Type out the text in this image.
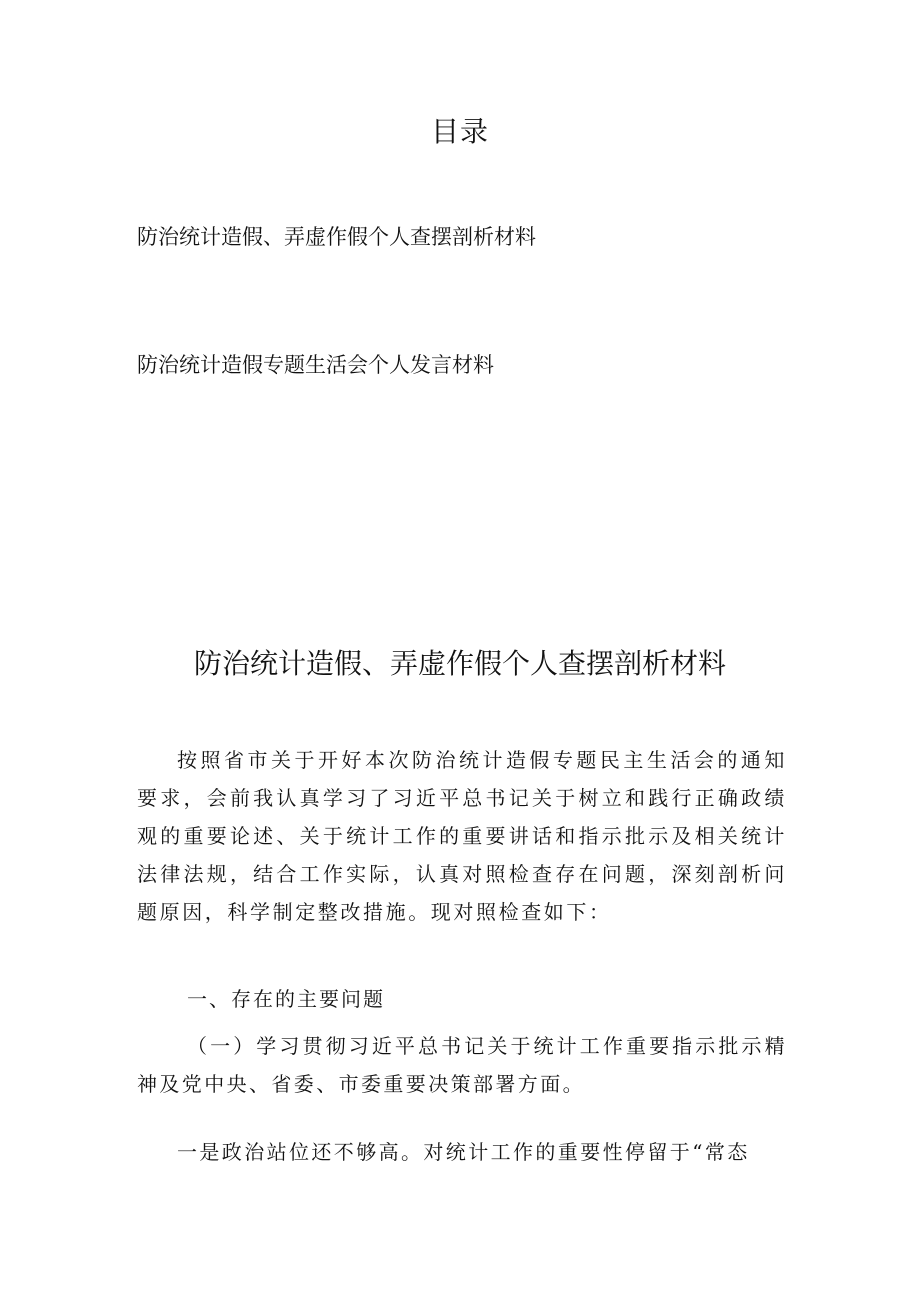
目录
防治统计造假、弄虚作假个人查摆剖析材料
防治统计造假专题生活会个人发言材料
防治统计造假、弄虚作假个人查摆剖析材料
按照省市关于开好本次防治统计造假专题民主生活会的通知要求，会前我认真学习了习近平总书记关于树立和践行正确政绩观的重要论述、关于统计工作的重要讲话和指示批示及相关统计法律法规，结合工作实际，认真对照检查存在问题，深刻剖析问题原因，科学制定整改措施。现对照检查如下：
一、存在的主要问题
（一）学习贯彻习近平总书记关于统计工作重要指示批示精神及党中央、省委、市委重要决策部署方面。
一是政治站位还不够高。对统计工作的重要性停留于“常态
